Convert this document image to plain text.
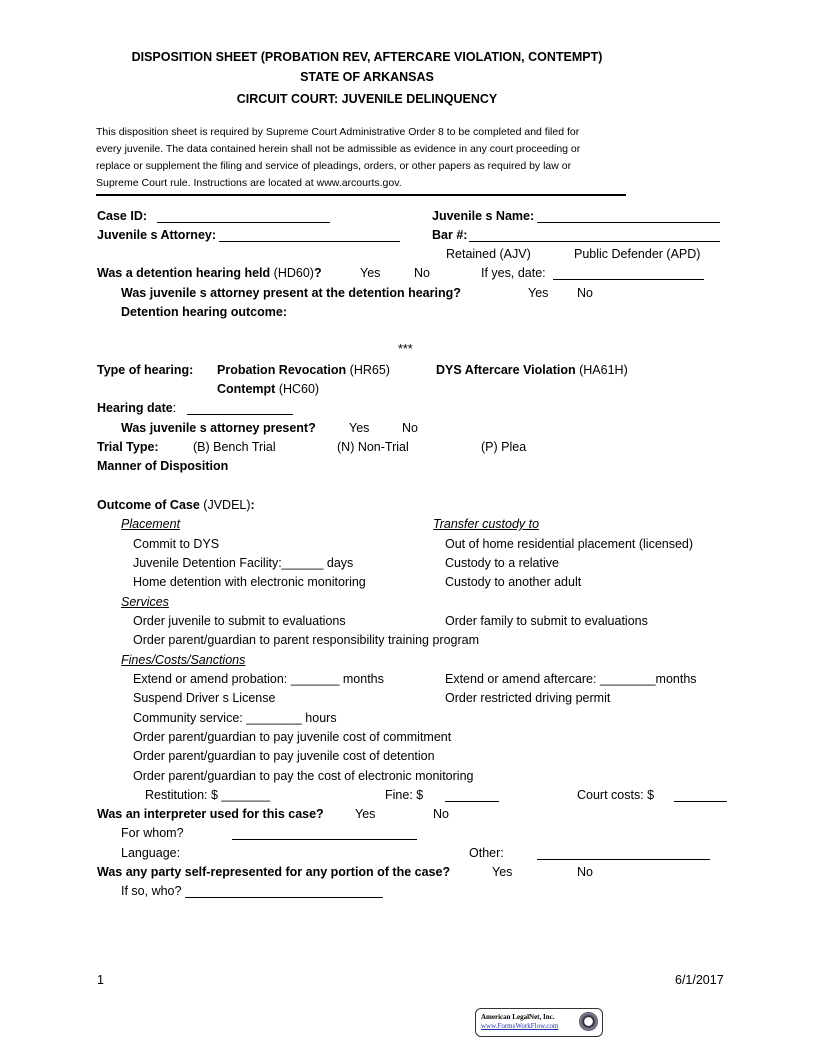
DISPOSITION SHEET (PROBATION REV, AFTERCARE VIOLATION, CONTEMPT)
STATE OF ARKANSAS
CIRCUIT COURT: JUVENILE DELINQUENCY
This disposition sheet is required by Supreme Court Administrative Order 8 to be completed and filed for
every juvenile. The data contained herein shall not be admissible as evidence in any court proceeding or
replace or supplement the filing and service of pleadings, orders, or other papers as required by law or
Supreme Court rule. Instructions are located at www.arcourts.gov.
Case ID:	Juvenile s Name:
Juvenile s Attorney:	Bar #:
Retained (AJV)	Public Defender (APD)
Was a detention hearing held (HD60)?	Yes	No	If yes, date:
Was juvenile s attorney present at the detention hearing?	Yes No
Detention hearing outcome:
***
Type of hearing: Probation Revocation (HR65)	DYS Aftercare Violation (HA61H)
Contempt (HC60)
Hearing date:
Was juvenile s attorney present?	Yes	No
Trial Type:	(B) Bench Trial	(N) Non-Trial	(P) Plea
Manner of Disposition
Outcome of Case (JVDEL):
Placement	Transfer custody to
Commit to DYS	Out of home residential placement (licensed)
Juvenile Detention Facility:______ days	Custody to a relative
Home detention with electronic monitoring	Custody to another adult
Services
Order juvenile to submit to evaluations	Order family to submit to evaluations
Order parent/guardian to parent responsibility training program
Fines/Costs/Sanctions
Extend or amend probation: _______ months	Extend or amend aftercare: ________months
Suspend Driver s License	Order restricted driving permit
Community service: ________ hours
Order parent/guardian to pay juvenile cost of commitment
Order parent/guardian to pay juvenile cost of detention
Order parent/guardian to pay the cost of electronic monitoring
Restitution: $ _______	Fine: $	Court costs: $
Was an interpreter used for this case?	Yes	No
For whom?
Language:	Other:
Was any party self-represented for any portion of the case?	Yes	No
If so, who?
1	6/1/2017
American LegalNet, Inc.
www.FormsWorkFlow.com
